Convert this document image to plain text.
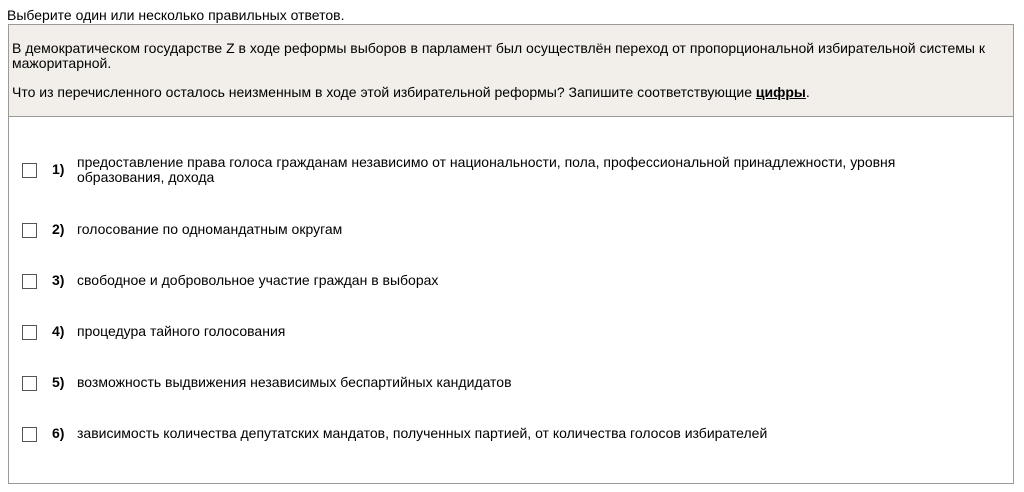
Выберите один или несколько правильных ответов.

В демократическом государстве Z в ходе реформы выборов в парламент был осуществлён переход от пропорциональной избирательной системы к мажоритарной.

Что из перечисленного осталось неизменным в ходе этой избирательной реформы? Запишите соответствующие цифры.

1) предоставление права голоса гражданам независимо от национальности, пола, профессиональной принадлежности, уровня образования, дохода
2) голосование по одномандатным округам
3) свободное и добровольное участие граждан в выборах
4) процедура тайного голосования
5) возможность выдвижения независимых беспартийных кандидатов
6) зависимость количества депутатских мандатов, полученных партией, от количества голосов избирателей
